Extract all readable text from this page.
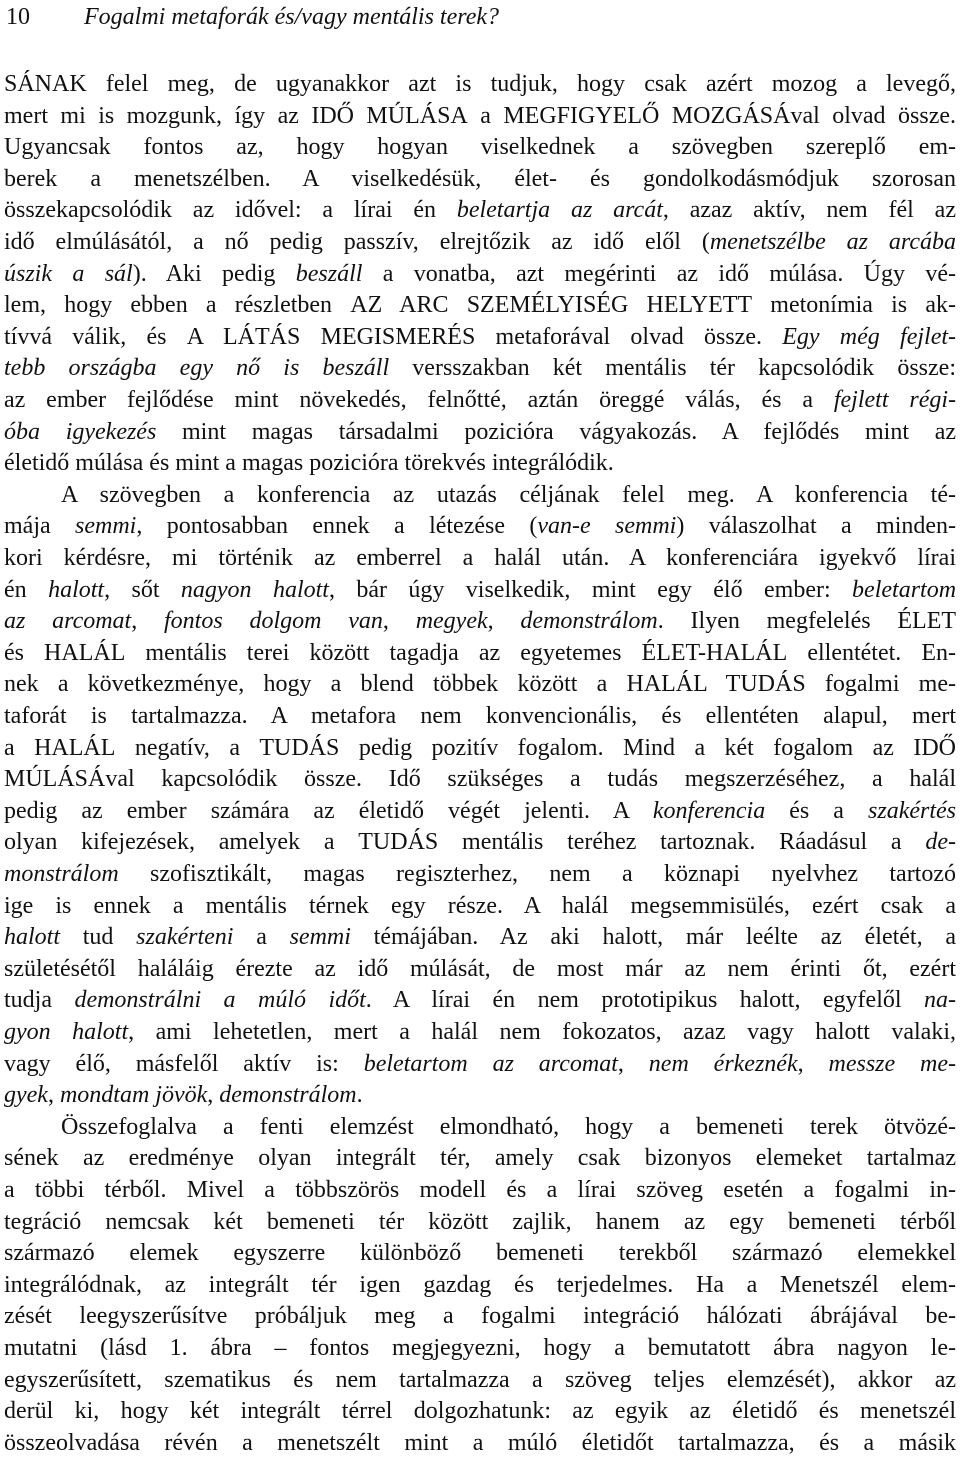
10 Fogalmi metaforák és/vagy mentális terek?
SÁNAK felel meg, de ugyanakkor azt is tudjuk, hogy csak azért mozog a levegő,
mert mi is mozgunk, így az IDŐ MÚLÁSA a MEGFIGYELŐ MOZGÁSÁval olvad össze.
Ugyancsak fontos az, hogy hogyan viselkednek a szövegben szereplő em-
berek a menetszélben. A viselkedésük, élet- és gondolkodásmódjuk szorosan
összekapcsolódik az idővel: a lírai én beletartja az arcát, azaz aktív, nem fél az
idő elmúlásától, a nő pedig passzív, elrejtőzik az idő elől (menetszélbe az arcába
úszik a sál). Aki pedig beszáll a vonatba, azt megérinti az idő múlása. Úgy vé-
lem, hogy ebben a részletben AZ ARC SZEMÉLYISÉG HELYETT metonímia is ak-
tívvá válik, és A LÁTÁS MEGISMERÉS metaforával olvad össze. Egy még fejlet-
tebb országba egy nő is beszáll versszakban két mentális tér kapcsolódik össze:
az ember fejlődése mint növekedés, felnőtté, aztán öreggé válás, és a fejlett régi-
óba igyekezés mint magas társadalmi pozicióra vágyakozás. A fejlődés mint az
életidő múlása és mint a magas pozicióra törekvés integrálódik.
A szövegben a konferencia az utazás céljának felel meg. A konferencia té-
mája semmi, pontosabban ennek a létezése (van-e semmi) válaszolhat a minden-
kori kérdésre, mi történik az emberrel a halál után. A konferenciára igyekvő lírai
én halott, sőt nagyon halott, bár úgy viselkedik, mint egy élő ember: beletartom
az arcomat, fontos dolgom van, megyek, demonstrálom. Ilyen megfelelés ÉLET
és HALÁL mentális terei között tagadja az egyetemes ÉLET-HALÁL ellentétet. En-
nek a következménye, hogy a blend többek között a HALÁL TUDÁS fogalmi me-
taforát is tartalmazza. A metafora nem konvencionális, és ellentéten alapul, mert
a HALÁL negatív, a TUDÁS pedig pozitív fogalom. Mind a két fogalom az IDŐ
MÚLÁSÁval kapcsolódik össze. Idő szükséges a tudás megszerzéséhez, a halál
pedig az ember számára az életidő végét jelenti. A konferencia és a szakértés
olyan kifejezések, amelyek a TUDÁS mentális teréhez tartoznak. Ráadásul a de-
monstrálom szofisztikált, magas regiszterhez, nem a köznapi nyelvhez tartozó
ige is ennek a mentális térnek egy része. A halál megsemmisülés, ezért csak a
halott tud szakérteni a semmi témájában. Az aki halott, már leélte az életét, a
születésétől haláláig érezte az idő múlását, de most már az nem érinti őt, ezért
tudja demonstrálni a múló időt. A lírai én nem prototipikus halott, egyfelől na-
gyon halott, ami lehetetlen, mert a halál nem fokozatos, azaz vagy halott valaki,
vagy élő, másfelől aktív is: beletartom az arcomat, nem érkeznék, messze me-
gyek, mondtam jövök, demonstrálom.
Összefoglalva a fenti elemzést elmondható, hogy a bemeneti terek ötvözé-
sének az eredménye olyan integrált tér, amely csak bizonyos elemeket tartalmaz
a többi térből. Mivel a többszörös modell és a lírai szöveg esetén a fogalmi in-
tegráció nemcsak két bemeneti tér között zajlik, hanem az egy bemeneti térből
származó elemek egyszerre különböző bemeneti terekből származó elemekkel
integrálódnak, az integrált tér igen gazdag és terjedelmes. Ha a Menetszél elem-
zését leegyszerűsítve próbáljuk meg a fogalmi integráció hálózati ábrájával be-
mutatni (lásd 1. ábra – fontos megjegyezni, hogy a bemutatott ábra nagyon le-
egyszerűsített, szematikus és nem tartalmazza a szöveg teljes elemzését), akkor az
derül ki, hogy két integrált térrel dolgozhatunk: az egyik az életidő és menetszél
összeolvadása révén a menetszélt mint a múló életidőt tartalmazza, és a másik
